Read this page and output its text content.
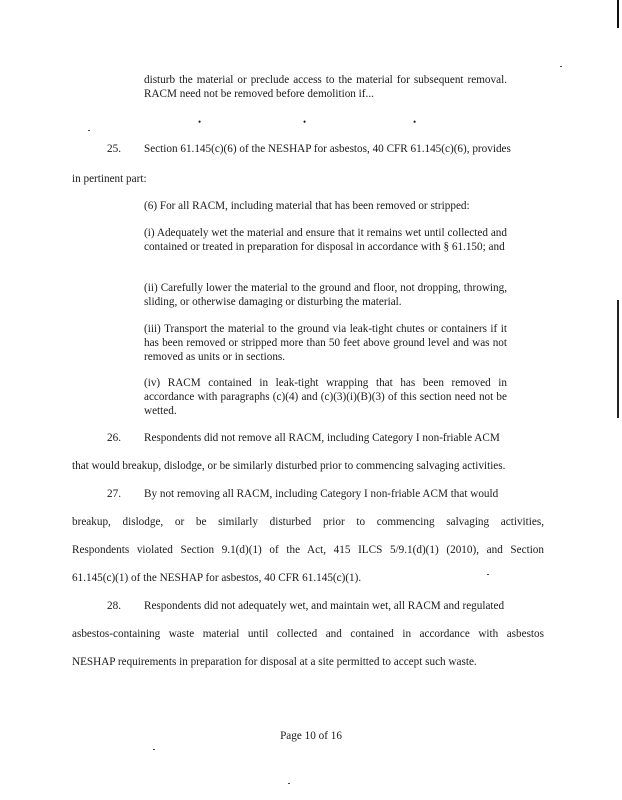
disturb the material or preclude access to the material for subsequent removal. RACM need not be removed before demolition if...
•	•	•
25. Section 61.145(c)(6) of the NESHAP for asbestos, 40 CFR 61.145(c)(6), provides
in pertinent part:
(6) For all RACM, including material that has been removed or stripped:
(i) Adequately wet the material and ensure that it remains wet until collected and contained or treated in preparation for disposal in accordance with § 61.150; and
(ii) Carefully lower the material to the ground and floor, not dropping, throwing, sliding, or otherwise damaging or disturbing the material.
(iii) Transport the material to the ground via leak-tight chutes or containers if it has been removed or stripped more than 50 feet above ground level and was not removed as units or in sections.
(iv) RACM contained in leak-tight wrapping that has been removed in accordance with paragraphs (c)(4) and (c)(3)(i)(B)(3) of this section need not be wetted.
26. Respondents did not remove all RACM, including Category I non-friable ACM
that would breakup, dislodge, or be similarly disturbed prior to commencing salvaging activities.
27. By not removing all RACM, including Category I non-friable ACM that would
breakup, dislodge, or be similarly disturbed prior to commencing salvaging activities,
Respondents violated Section 9.1(d)(1) of the Act, 415 ILCS 5/9.1(d)(1) (2010), and Section
61.145(c)(1) of the NESHAP for asbestos, 40 CFR 61.145(c)(1).
28. Respondents did not adequately wet, and maintain wet, all RACM and regulated
asbestos-containing waste material until collected and contained in accordance with asbestos
NESHAP requirements in preparation for disposal at a site permitted to accept such waste.
Page 10 of 16
